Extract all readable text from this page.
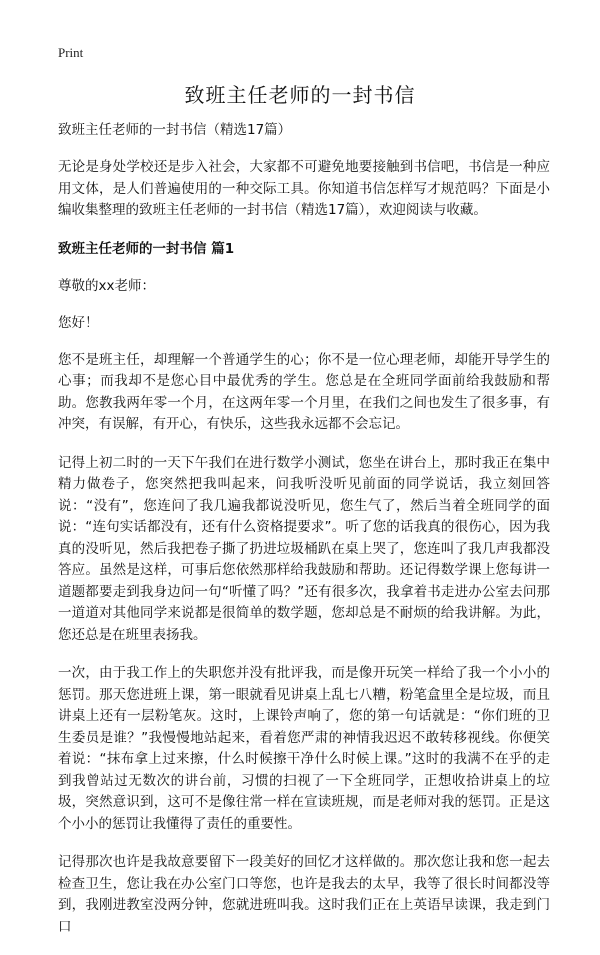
Print
致班主任老师的一封书信
致班主任老师的一封书信（精选17篇）

无论是身处学校还是步入社会，大家都不可避免地要接触到书信吧，书信是一种应用文体，是人们普遍使用的一种交际工具。你知道书信怎样写才规范吗？下面是小编收集整理的致班主任老师的一封书信（精选17篇），欢迎阅读与收藏。

致班主任老师的一封书信 篇1
尊敬的xx老师：
您好！

您不是班主任，却理解一个普通学生的心；你不是一位心理老师，却能开导学生的心事；而我却不是您心目中最优秀的学生。您总是在全班同学面前给我鼓励和帮助。您教我两年零一个月，在这两年零一个月里，在我们之间也发生了很多事，有冲突，有误解，有开心，有快乐，这些我永远都不会忘记。

记得上初二时的一天下午我们在进行数学小测试，您坐在讲台上，那时我正在集中精力做卷子，您突然把我叫起来，问我听没听见前面的同学说话，我立刻回答说：“没有”，您连问了我几遍我都说没听见，您生气了，然后当着全班同学的面说：“连句实话都没有，还有什么资格提要求”。听了您的话我真的很伤心，因为我真的没听见，然后我把卷子撕了扔进垃圾桶趴在桌上哭了，您连叫了我几声我都没答应。虽然是这样，可事后您依然那样给我鼓励和帮助。还记得数学课上您每讲一道题都要走到我身边问一句“听懂了吗？”还有很多次，我拿着书走进办公室去问那一道道对其他同学来说都是很简单的数学题，您却总是不耐烦的给我讲解。为此，您还总是在班里表扬我。

一次，由于我工作上的失职您并没有批评我，而是像开玩笑一样给了我一个小小的惩罚。那天您进班上课，第一眼就看见讲桌上乱七八糟，粉笔盒里全是垃圾，而且讲桌上还有一层粉笔灰。这时，上课铃声响了，您的第一句话就是：“你们班的卫生委员是谁？”我慢慢地站起来，看着您严肃的神情我迟迟不敢转移视线。你便笑着说：“抹布拿上过来擦，什么时候擦干净什么时候上课。”这时的我满不在乎的走到我曾站过无数次的讲台前，习惯的扫视了一下全班同学，正想收拾讲桌上的垃圾，突然意识到，这可不是像往常一样在宣读班规，而是老师对我的惩罚。正是这个小小的惩罚让我懂得了责任的重要性。

记得那次也许是我故意要留下一段美好的回忆才这样做的。那次您让我和您一起去检查卫生，您让我在办公室门口等您，也许是我去的太早，我等了很长时间都没等到，我刚进教室没两分钟，您就进班叫我。这时我们正在上英语早读课，我走到门口
